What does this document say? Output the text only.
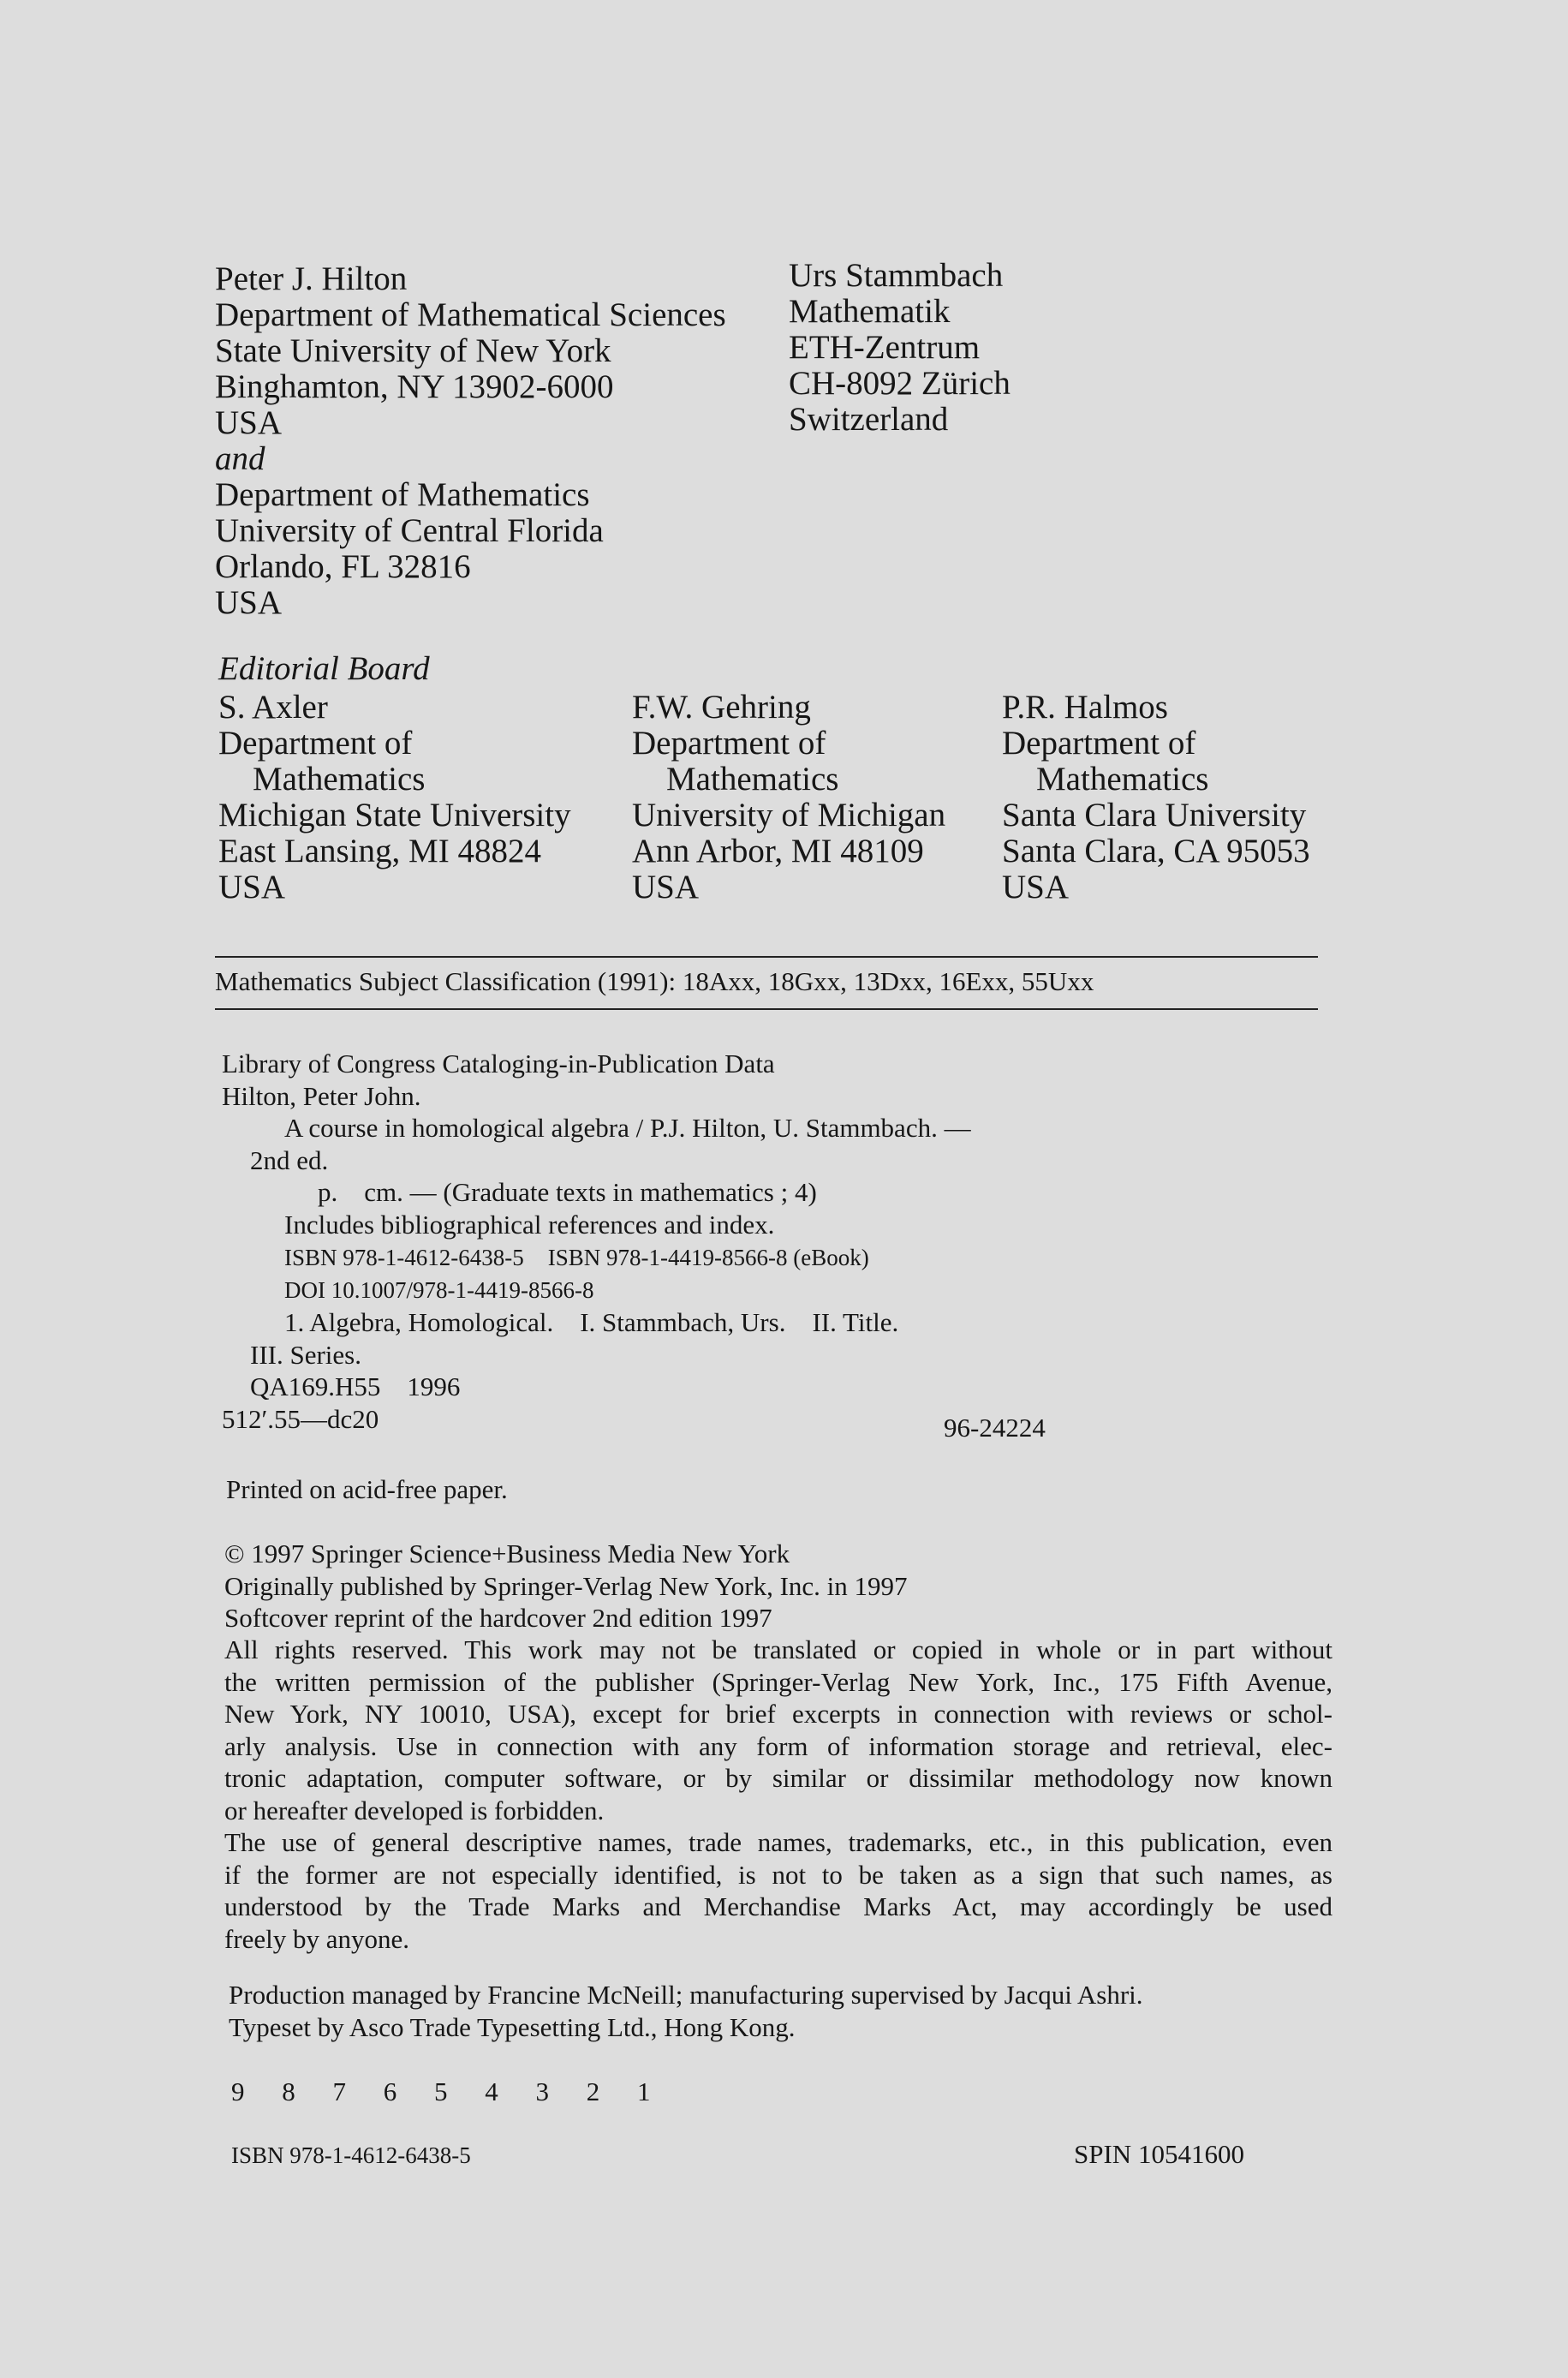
Peter J. Hilton
Department of Mathematical Sciences
State University of New York
Binghamton, NY 13902-6000
USA
and
Department of Mathematics
University of Central Florida
Orlando, FL 32816
USA
Urs Stammbach
Mathematik
ETH-Zentrum
CH-8092 Zürich
Switzerland
Editorial Board
S. Axler
Department of
Mathematics
Michigan State University
East Lansing, MI 48824
USA
F.W. Gehring
Department of
Mathematics
University of Michigan
Ann Arbor, MI 48109
USA
P.R. Halmos
Department of
Mathematics
Santa Clara University
Santa Clara, CA 95053
USA
Mathematics Subject Classification (1991): 18Axx, 18Gxx, 13Dxx, 16Exx, 55Uxx
Library of Congress Cataloging-in-Publication Data
Hilton, Peter John.
A course in homological algebra / P.J. Hilton, U. Stammbach. —
2nd ed.
p.    cm. — (Graduate texts in mathematics ; 4)
Includes bibliographical references and index.
ISBN 978-1-4612-6438-5 ISBN 978-1-4419-8566-8 (eBook)
DOI 10.1007/978-1-4419-8566-8
1. Algebra, Homological.    I. Stammbach, Urs.    II. Title.
III. Series.
QA169.H55    1996
512′.55—dc20	96-24224
Printed on acid-free paper.
© 1997 Springer Science+Business Media New York
Originally published by Springer-Verlag New York, Inc. in 1997
Softcover reprint of the hardcover 2nd edition 1997
All rights reserved. This work may not be translated or copied in whole or in part without
the written permission of the publisher (Springer-Verlag New York, Inc., 175 Fifth Avenue,
New York, NY 10010, USA), except for brief excerpts in connection with reviews or schol-
arly analysis. Use in connection with any form of information storage and retrieval, elec-
tronic adaptation, computer software, or by similar or dissimilar methodology now known
or hereafter developed is forbidden.
The use of general descriptive names, trade names, trademarks, etc., in this publication, even
if the former are not especially identified, is not to be taken as a sign that such names, as
understood by the Trade Marks and Merchandise Marks Act, may accordingly be used
freely by anyone.
Production managed by Francine McNeill; manufacturing supervised by Jacqui Ashri.
Typeset by Asco Trade Typesetting Ltd., Hong Kong.
9 8 7 6 5 4 3 2 1
ISBN 978-1-4612-6438-5	SPIN 10541600
